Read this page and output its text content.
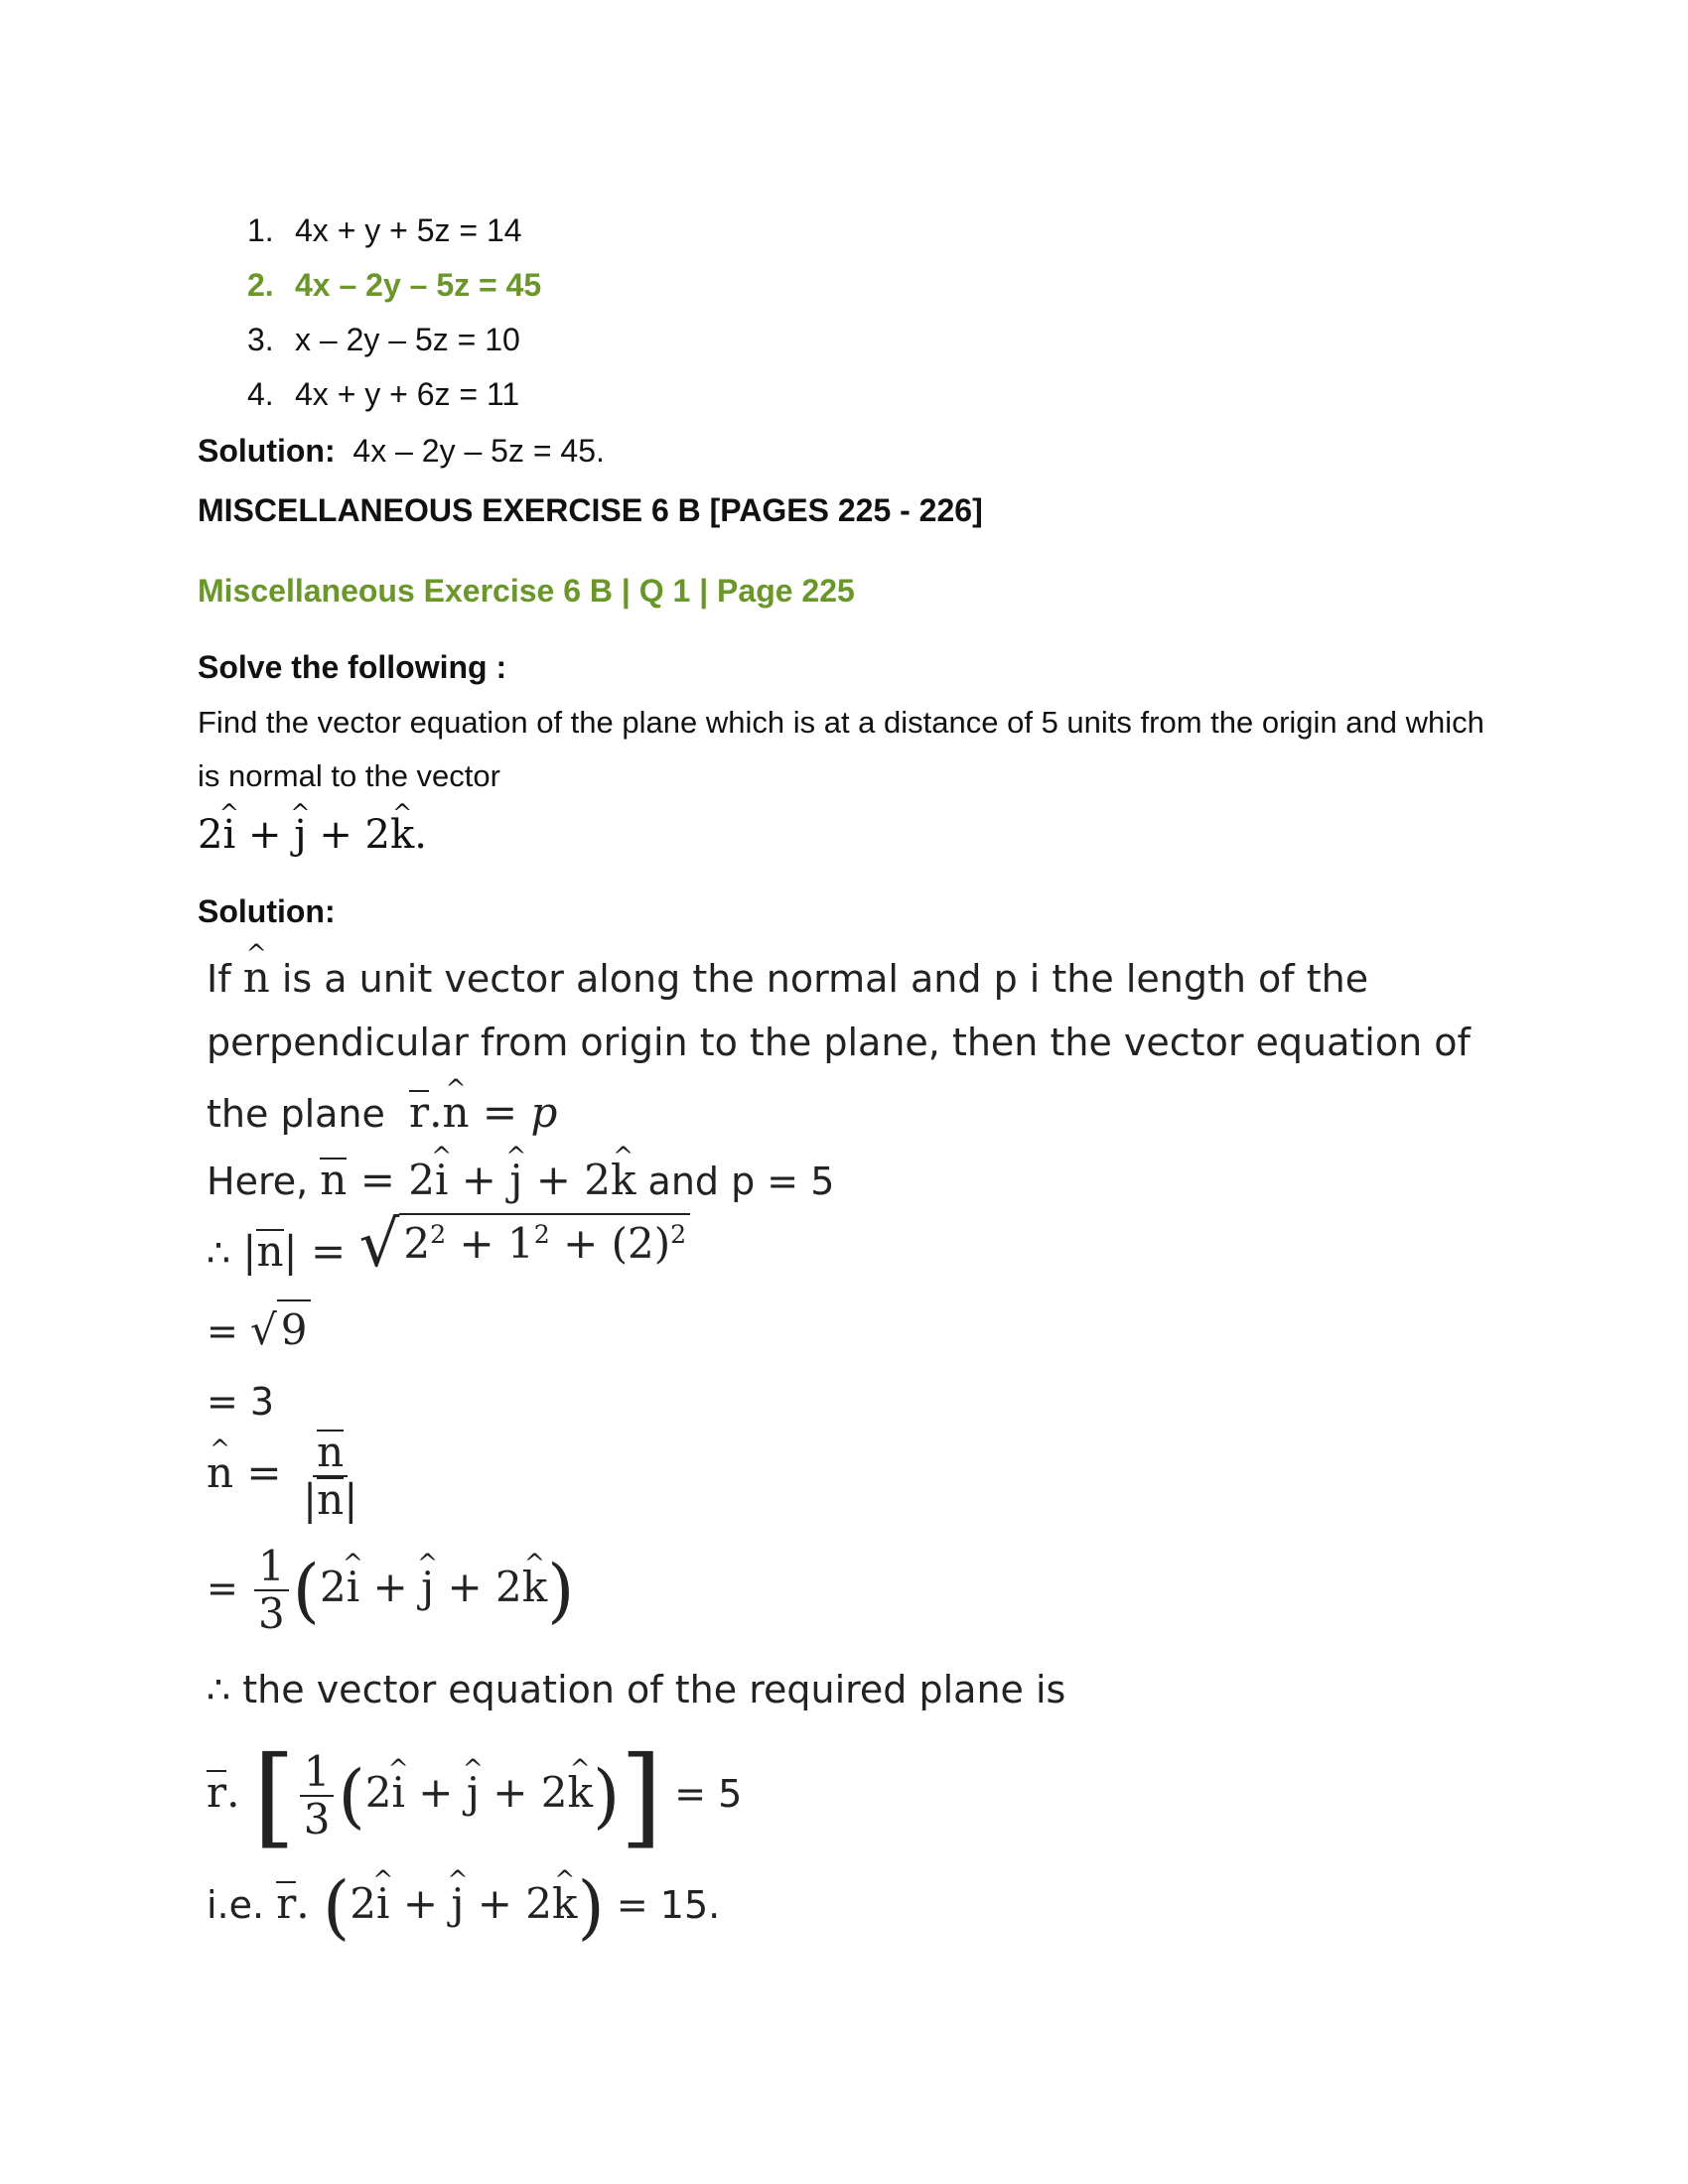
1. 4x + y + 5z = 14
2. 4x – 2y – 5z = 45
3. x – 2y – 5z = 10
4. 4x + y + 6z = 11
Solution: 4x – 2y – 5z = 45.
MISCELLANEOUS EXERCISE 6 B [PAGES 225 - 226]
Miscellaneous Exercise 6 B | Q 1 | Page 225
Solve the following :
Find the vector equation of the plane which is at a distance of 5 units from the origin and which is normal to the vector
2i ^ + j ^ + 2k ^.
Solution:
If n ^ is a unit vector along the normal and p i the length of the
perpendicular from origin to the plane, then the vector equation of
the plane r.n ^ = p
Here, n = 2i ^ + j ^ + 2k ^ and p = 5
∴ |n| = √ $2^2 + 1^2 + (2)^2$
= √9
= 3
n ^ = $\frac{n}{|n|}$
= $\frac{1}{3} (2i$ ^ + j ^ + 2k ^)
∴ the vector equation of the required plane is
r. [ $\frac{1}{3} (2i$ ^ + j ^ + 2k ^)] = 5
i.e. r. (2i ^ + j ^ + 2k ^) = 15.
